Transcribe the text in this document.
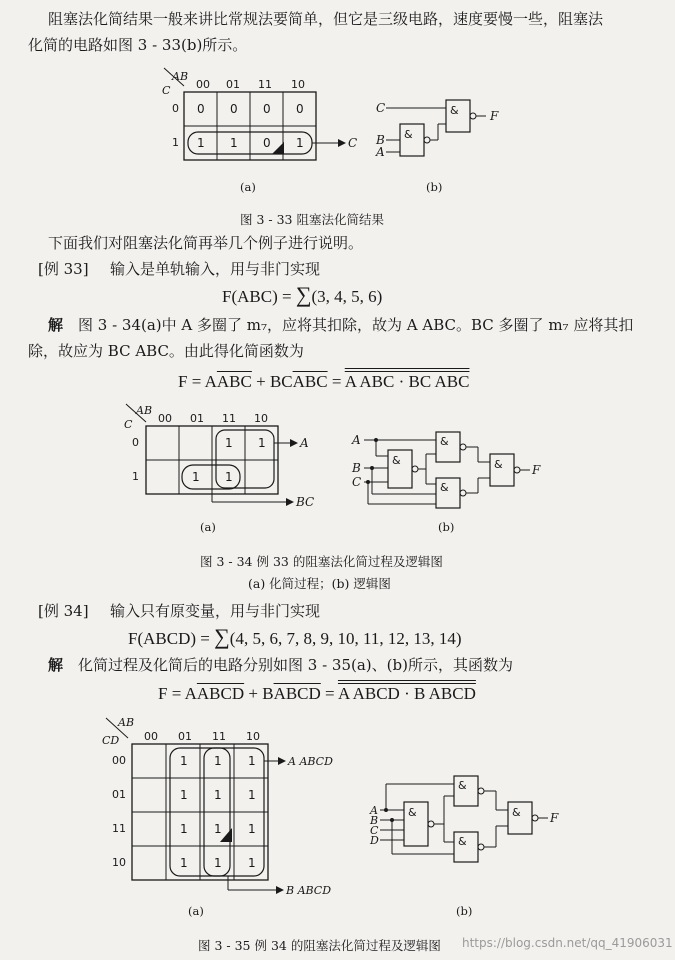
阻塞法化简结果一般来讲比常规法要简单，但它是三级电路，速度要慢一些，阻塞法
化简的电路如图 3 - 33(b)所示。
AB
C 00 01 11 10
0
1
0 0 0 0
1 1 0 1	C
(a)
C
B
A
&
&	F
(b)
图 3 - 33 阻塞法化简结果
下面我们对阻塞法化简再举几个例子进行说明。
[例 33] 输入是单轨输入，用与非门实现
F(ABC) = ∑(3, 4, 5, 6)
解 图 3 - 34(a)中 A 多圈了 m₇，应将其扣除，故为 A ABC。BC 多圈了 m₇ 应将其扣
除，故应为 BC ABC。由此得化简函数为
$F = A\overline{ABC} + BC\overline{ABC} = A$ ABC · BC ABC
AB
C 00 01 11 10
0
1
1 1
1 1
A
BC
(a)
A
B
C
&
&
&
& F
(b)
图 3 - 34 例 33 的阻塞法化简过程及逻辑图
(a) 化简过程；(b) 逻辑图
[例 34] 输入只有原变量，用与非门实现
F(ABCD) = ∑(4, 5, 6, 7, 8, 9, 10, 11, 12, 13, 14)
解 化简过程及化简后的电路分别如图 3 - 35(a)、(b)所示，其函数为
F = AABCD + BABCD = A ABCD · B ABCD
AB
CD 00 01 11 10
00
01
11
10
1 1 1
1 1 1
1 1 1
1 1 1
A ABCD
B ABCD
(a)
A
B
C
D
&
&
&
& F
(b)
图 3 - 35 例 34 的阻塞法化简过程及逻辑图 https://blog.csdn.net/qq_41906031
